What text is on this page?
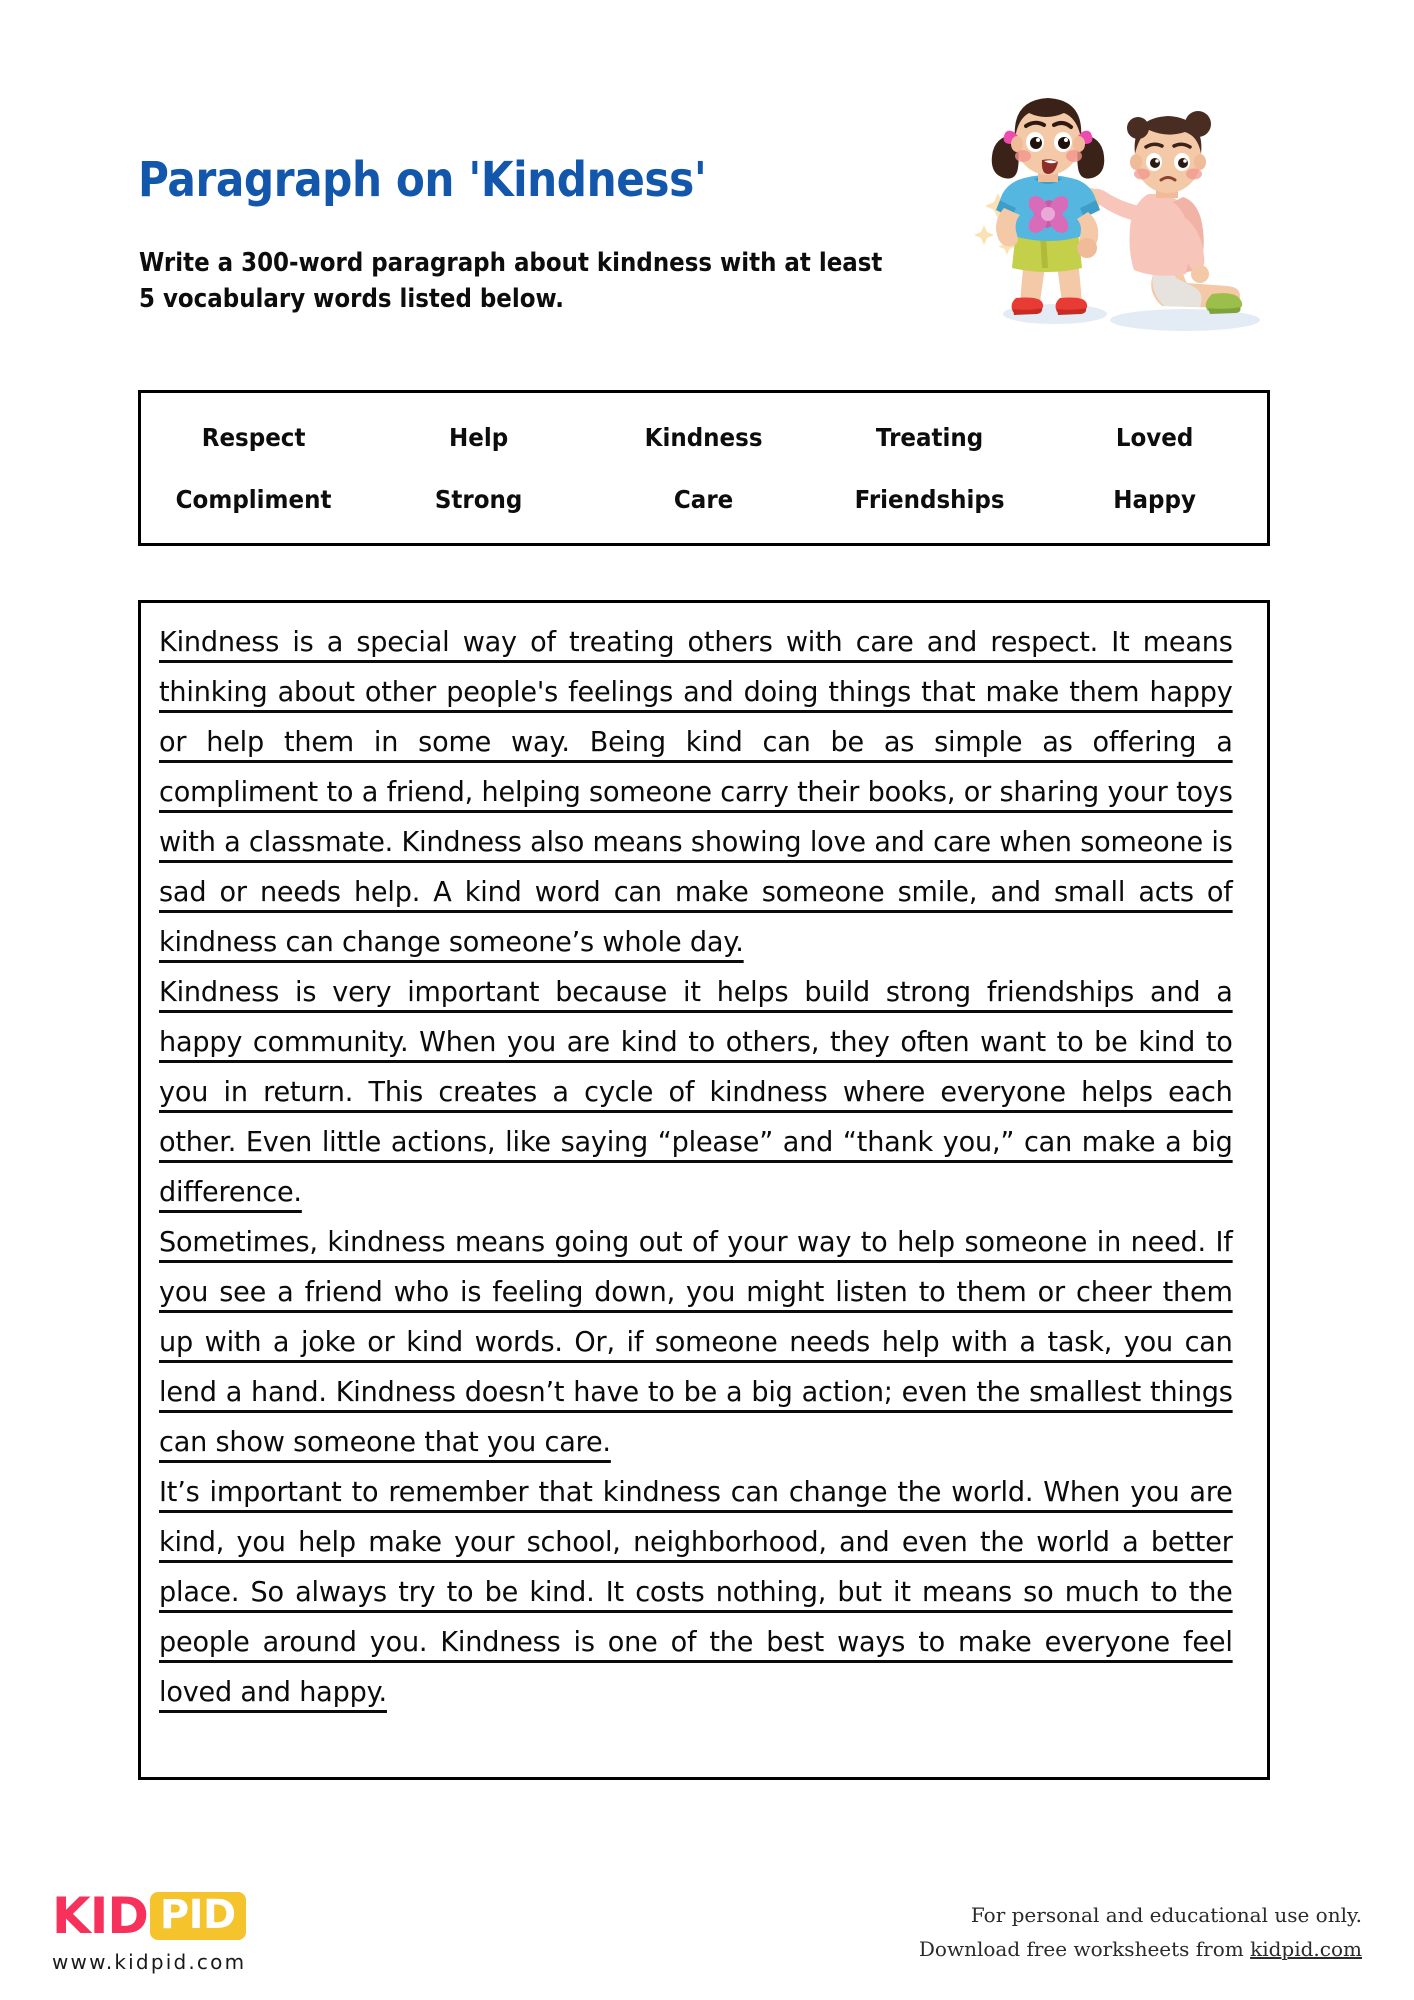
Paragraph on 'Kindness'
Write a 300-word paragraph about kindness with at least 5 vocabulary words listed below.
Respect	Help	Kindness	Treating	Loved
Compliment	Strong	Care	Friendships	Happy

Kindness is a special way of treating others with care and respect. It means thinking about other people's feelings and doing things that make them happy or help them in some way. Being kind can be as simple as offering a compliment to a friend, helping someone carry their books, or sharing your toys with a classmate. Kindness also means showing love and care when someone is sad or needs help. A kind word can make someone smile, and small acts of kindness can change someone’s whole day.

Kindness is very important because it helps build strong friendships and a happy community. When you are kind to others, they often want to be kind to you in return. This creates a cycle of kindness where everyone helps each other. Even little actions, like saying “please” and “thank you,” can make a big difference.

Sometimes, kindness means going out of your way to help someone in need. If you see a friend who is feeling down, you might listen to them or cheer them up with a joke or kind words. Or, if someone needs help with a task, you can lend a hand. Kindness doesn’t have to be a big action; even the smallest things can show someone that you care.

It’s important to remember that kindness can change the world. When you are kind, you help make your school, neighborhood, and even the world a better place. So always try to be kind. It costs nothing, but it means so much to the people around you. Kindness is one of the best ways to make everyone feel loved and happy.

KID PID
www.kidpid.com
For personal and educational use only.
Download free worksheets from kidpid.com
